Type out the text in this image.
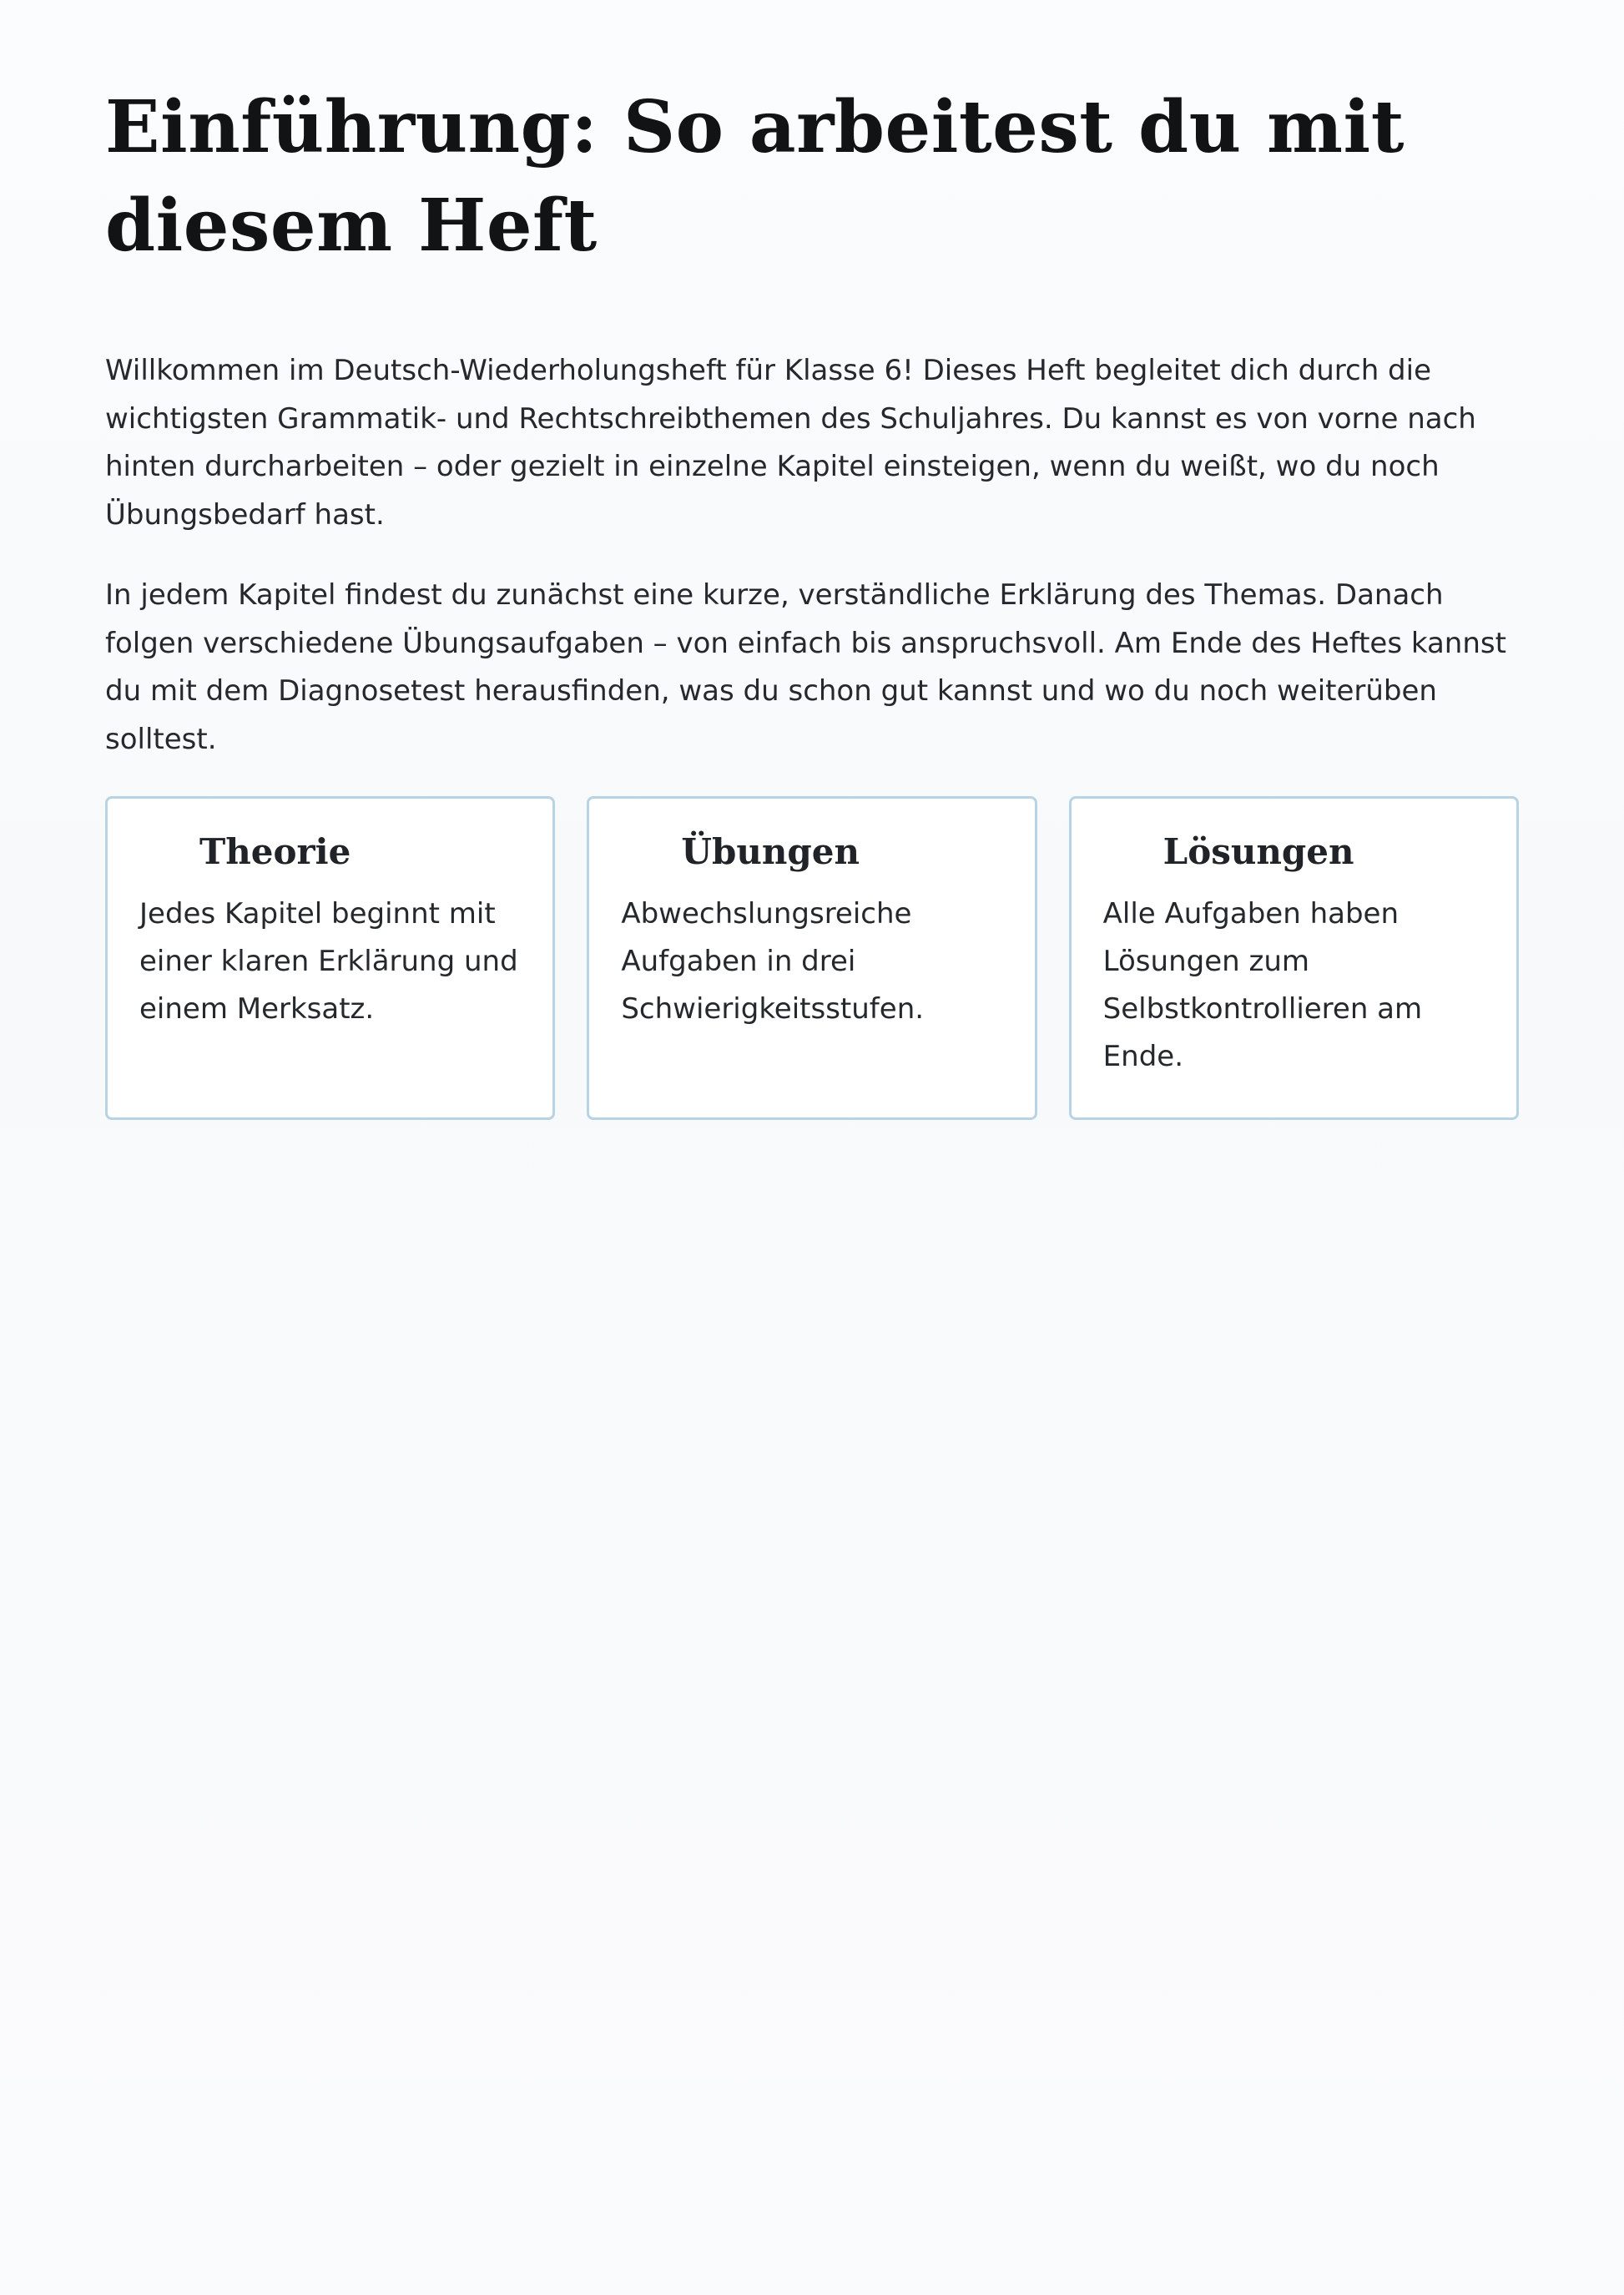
Einführung: So arbeitest du mit diesem Heft

Willkommen im Deutsch-Wiederholungsheft für Klasse 6! Dieses Heft begleitet dich durch die wichtigsten Grammatik- und Rechtschreibthemen des Schuljahres. Du kannst es von vorne nach hinten durcharbeiten – oder gezielt in einzelne Kapitel einsteigen, wenn du weißt, wo du noch Übungsbedarf hast.

In jedem Kapitel findest du zunächst eine kurze, verständliche Erklärung des Themas. Danach folgen verschiedene Übungsaufgaben – von einfach bis anspruchsvoll. Am Ende des Heftes kannst du mit dem Diagnosetest herausfinden, was du schon gut kannst und wo du noch weiterüben solltest.

Theorie

Jedes Kapitel beginnt mit einer klaren Erklärung und einem Merksatz.

Übungen

Abwechslungsreiche Aufgaben in drei Schwierigkeitsstufen.

Lösungen

Alle Aufgaben haben Lösungen zum Selbstkontrollieren am Ende.
